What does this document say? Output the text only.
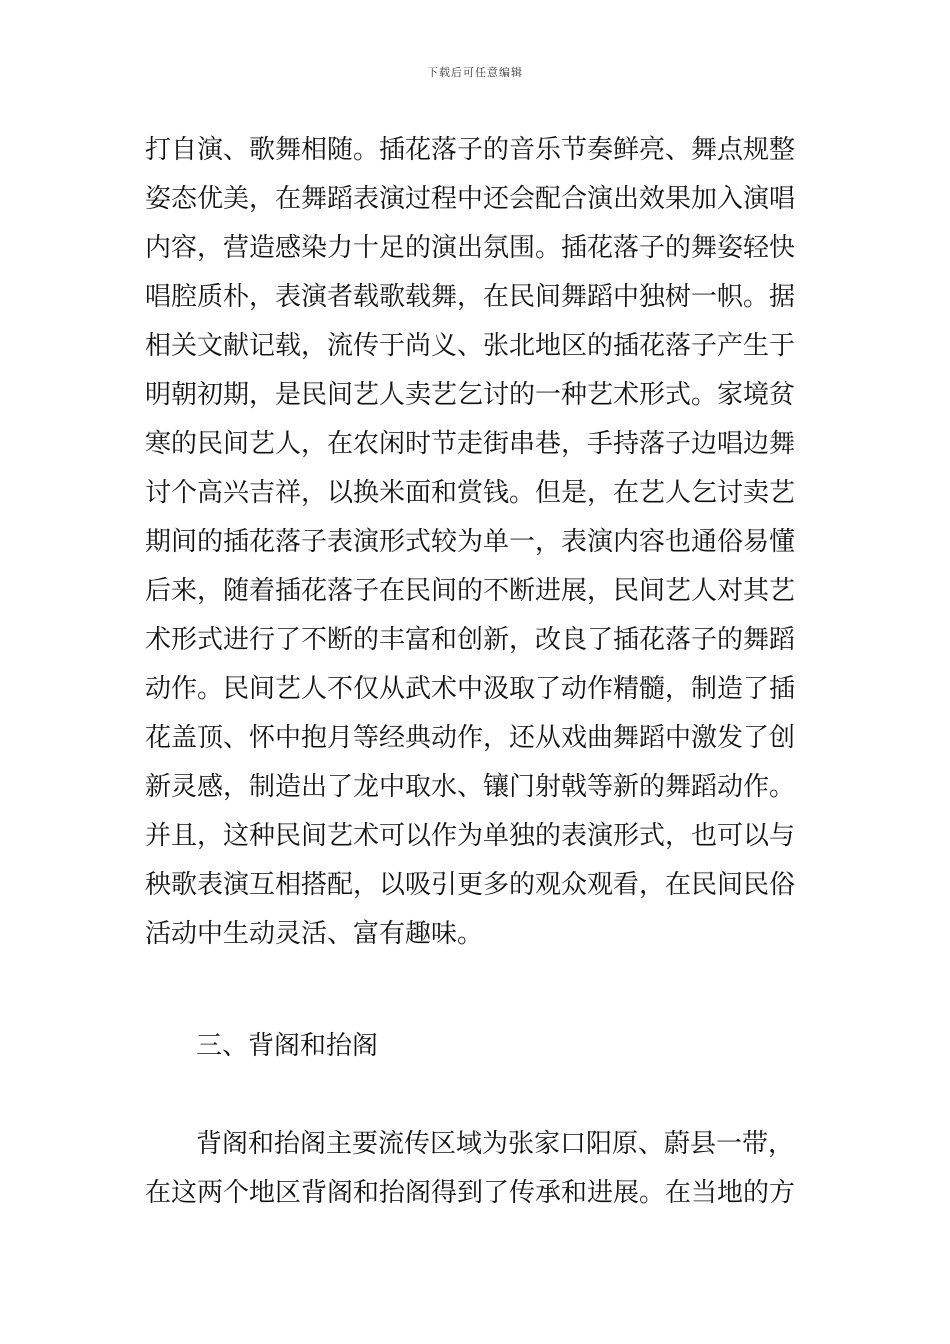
下载后可任意编辑
打自演、歌舞相随。插花落子的音乐节奏鲜亮、舞点规整
姿态优美，在舞蹈表演过程中还会配合演出效果加入演唱
内容，营造感染力十足的演出氛围。插花落子的舞姿轻快
唱腔质朴，表演者载歌载舞，在民间舞蹈中独树一帜。据
相关文献记载，流传于尚义、张北地区的插花落子产生于
明朝初期，是民间艺人卖艺乞讨的一种艺术形式。家境贫
寒的民间艺人，在农闲时节走街串巷，手持落子边唱边舞
讨个高兴吉祥，以换米面和赏钱。但是，在艺人乞讨卖艺
期间的插花落子表演形式较为单一，表演内容也通俗易懂
后来，随着插花落子在民间的不断进展，民间艺人对其艺
术形式进行了不断的丰富和创新，改良了插花落子的舞蹈
动作。民间艺人不仅从武术中汲取了动作精髓，制造了插
花盖顶、怀中抱月等经典动作，还从戏曲舞蹈中激发了创
新灵感，制造出了龙中取水、镶门射戟等新的舞蹈动作。
并且，这种民间艺术可以作为单独的表演形式，也可以与
秧歌表演互相搭配，以吸引更多的观众观看，在民间民俗
活动中生动灵活、富有趣味。
三、背阁和抬阁
背阁和抬阁主要流传区域为张家口阳原、蔚县一带，
在这两个地区背阁和抬阁得到了传承和进展。在当地的方
